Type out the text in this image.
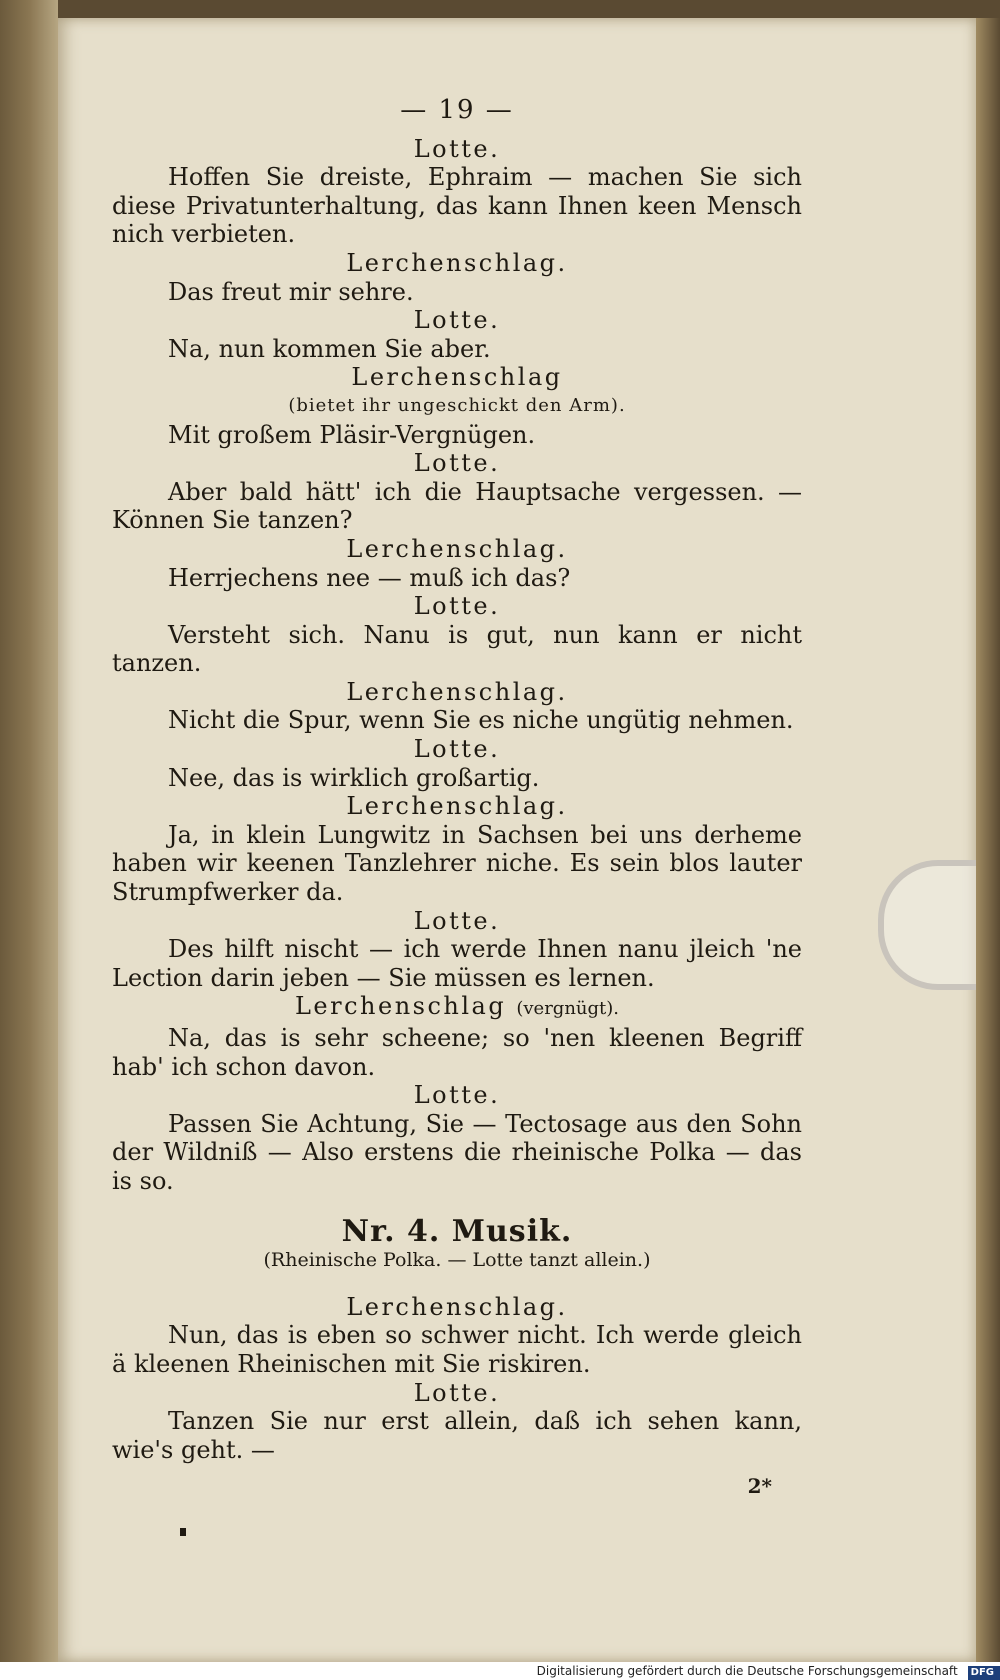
— 19 —
Lotte.
Hoffen Sie dreiste, Ephraim — machen Sie sich diese Privatunterhaltung, das kann Ihnen keen Mensch nich verbieten.
Lerchenschlag.
Das freut mir sehre.
Lotte.
Na, nun kommen Sie aber.
Lerchenschlag
(bietet ihr ungeschickt den Arm).
Mit großem Pläsir-Vergnügen.
Lotte.
Aber bald hätt' ich die Hauptsache vergessen. — Können Sie tanzen?
Lerchenschlag.
Herrjechens nee — muß ich das?
Lotte.
Versteht sich. Nanu is gut, nun kann er nicht tanzen.
Lerchenschlag.
Nicht die Spur, wenn Sie es niche ungütig nehmen.
Lotte.
Nee, das is wirklich großartig.
Lerchenschlag.
Ja, in klein Lungwitz in Sachsen bei uns derheme haben wir keenen Tanzlehrer niche. Es sein blos lauter Strumpfwerker da.
Lotte.
Des hilft nischt — ich werde Ihnen nanu jleich 'ne Lection darin jeben — Sie müssen es lernen.
Lerchenschlag (vergnügt).
Na, das is sehr scheene; so 'nen kleenen Begriff hab' ich schon davon.
Lotte.
Passen Sie Achtung, Sie — Tectosage aus den Sohn der Wildniß — Also erstens die rheinische Polka — das is so.
Nr. 4. Musik.
(Rheinische Polka. — Lotte tanzt allein.)
Lerchenschlag.
Nun, das is eben so schwer nicht. Ich werde gleich ä kleenen Rheinischen mit Sie riskiren.
Lotte.
Tanzen Sie nur erst allein, daß ich sehen kann, wie's geht. —
2*
Digitalisierung gefördert durch die Deutsche Forschungsgemeinschaft DFG
